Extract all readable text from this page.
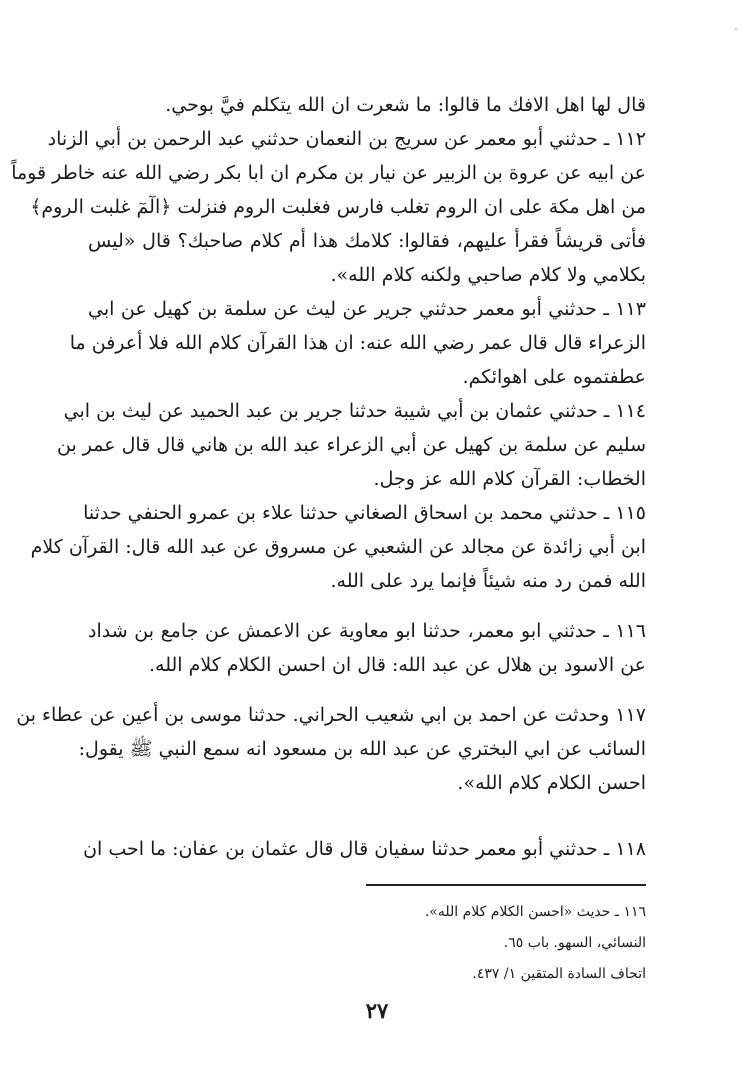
قال لها اهل الافك ما قالوا: ما شعرت ان الله يتكلم فيَّ بوحي.
١١٢ ـ حدثني أبو معمر عن سريج بن النعمان حدثني عبد الرحمن بن أبي الزناد
عن ابيه عن عروة بن الزبير عن نيار بن مكرم ان ابا بكر رضي الله عنه خاطر قوماً
من اهل مكة على ان الروم تغلب فارس فغلبت الروم فنزلت ﴿الٓمٓ غلبت الروم﴾
فأتى قريشاً فقرأ عليهم، فقالوا: كلامك هذا أم كلام صاحبك؟ قال «ليس
بكلامي ولا كلام صاحبي ولكنه كلام الله».
١١٣ ـ حدثني أبو معمر حدثني جرير عن ليث عن سلمة بن كهيل عن ابي
الزعراء قال قال عمر رضي الله عنه: ان هذا القرآن كلام الله فلا أعرفن ما
عطفتموه على اهوائكم.
١١٤ ـ حدثني عثمان بن أبي شيبة حدثنا جرير بن عبد الحميد عن ليث بن ابي
سليم عن سلمة بن كهيل عن أبي الزعراء عبد الله بن هاني قال قال عمر بن
الخطاب: القرآن كلام الله عز وجل.
١١٥ ـ حدثني محمد بن اسحاق الصغاني حدثنا علاء بن عمرو الحنفي حدثنا
ابن أبي زائدة عن مجالد عن الشعبي عن مسروق عن عبد الله قال: القرآن كلام
الله فمن رد منه شيئاً فإنما يرد على الله.
١١٦ ـ حدثني ابو معمر، حدثنا ابو معاوية عن الاعمش عن جامع بن شداد
عن الاسود بن هلال عن عبد الله: قال ان احسن الكلام كلام الله.
١١٧ وحدثت عن احمد بن ابي شعيب الحراني. حدثنا موسى بن أعين عن عطاء بن
السائب عن ابي البختري عن عبد الله بن مسعود انه سمع النبي ﷺ يقول:
احسن الكلام كلام الله».
١١٨ ـ حدثني أبو معمر حدثنا سفيان قال قال عثمان بن عفان: ما احب ان
١١٦ ـ حديث «احسن الكلام كلام الله».
النسائي، السهو. باب ٦٥.
اتحاف السادة المتقين ١/ ٤٣٧.
٢٧
